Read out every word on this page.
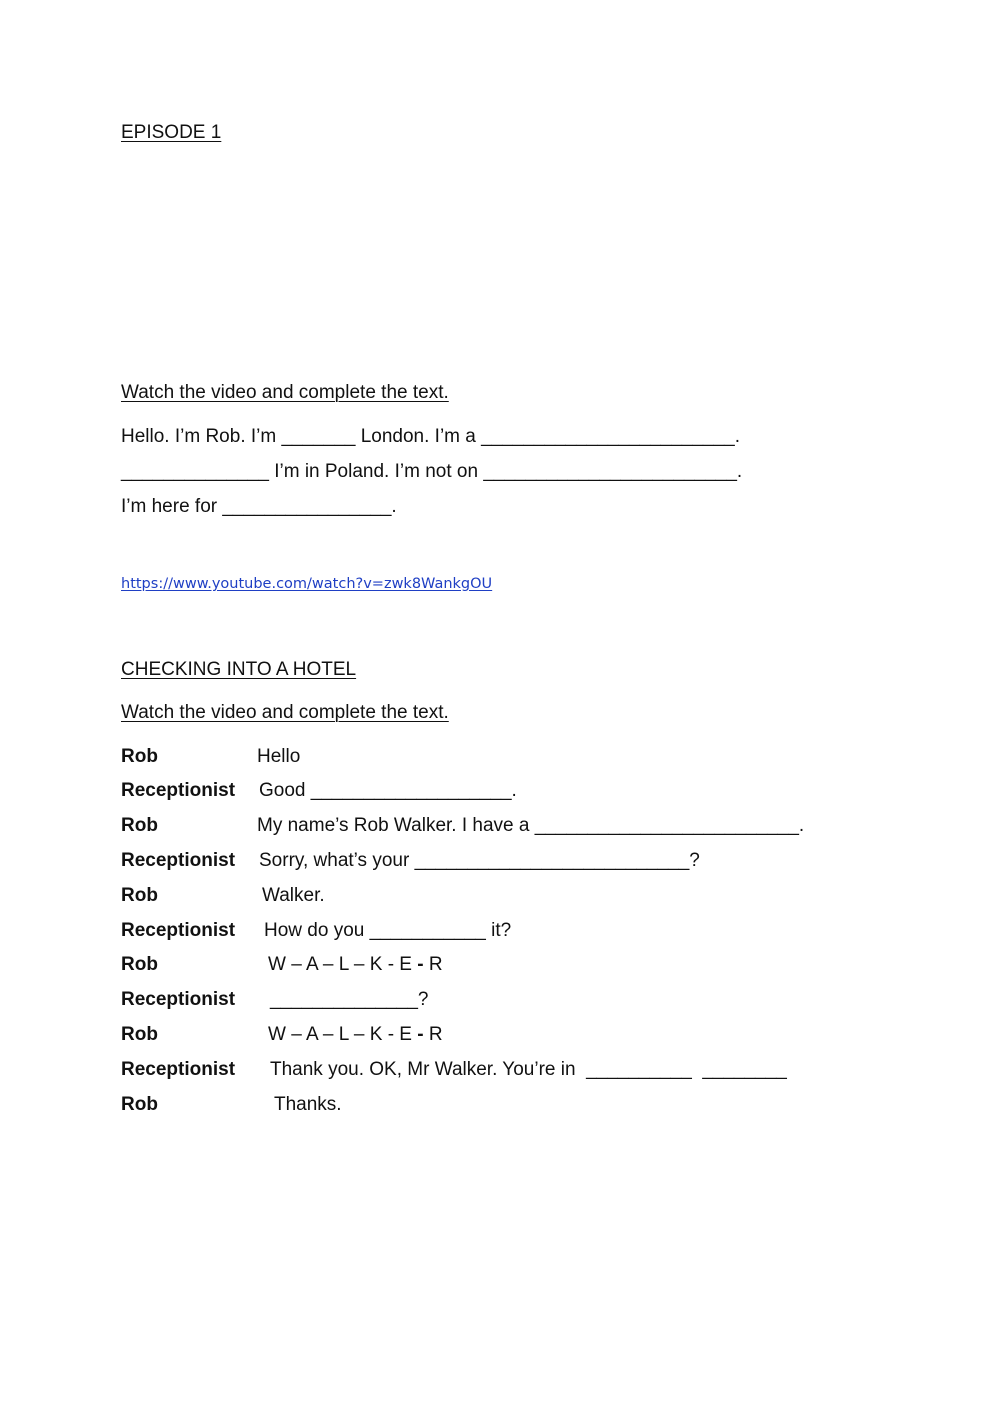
EPISODE 1
Watch the video and complete the text.
Hello. I’m Rob. I’m _______ London. I’m a ________________________.
______________ I’m in Poland. I’m not on ________________________.
I’m here for ________________.
https://www.youtube.com/watch?v=zwk8WankgOU
CHECKING INTO A HOTEL
Watch the video and complete the text.
Rob	Hello
Receptionist Good ___________________.
Rob	My name’s Rob Walker. I have a _________________________.
Receptionist Sorry, what’s your __________________________?
Rob	Walker.
Receptionist How do you ___________ it?
Rob	W – A – L – K - E - R
Receptionist ______________?
Rob	W – A – L – K - E - R
Receptionist Thank you. OK, Mr Walker. You’re in  __________  ________
Rob	Thanks.
